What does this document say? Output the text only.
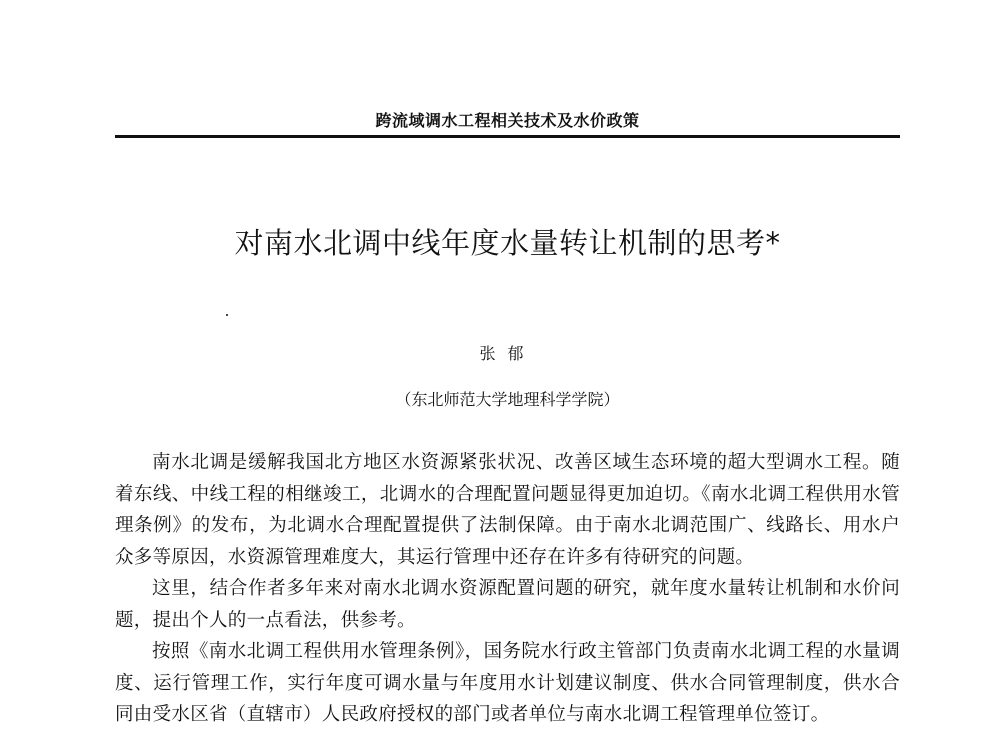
跨流域调水工程相关技术及水价政策
对南水北调中线年度水量转让机制的思考*
张郁
（东北师范大学地理科学学院）

南水北调是缓解我国北方地区水资源紧张状况、改善区域生态环境的超大型调水工程。随着东线、中线工程的相继竣工，北调水的合理配置问题显得更加迫切。《南水北调工程供用水管理条例》的发布，为北调水合理配置提供了法制保障。由于南水北调范围广、线路长、用水户众多等原因，水资源管理难度大，其运行管理中还存在许多有待研究的问题。

这里，结合作者多年来对南水北调水资源配置问题的研究，就年度水量转让机制和水价问题，提出个人的一点看法，供参考。

按照《南水北调工程供用水管理条例》，国务院水行政主管部门负责南水北调工程的水量调度、运行管理工作，实行年度可调水量与年度用水计划建议制度、供水合同管理制度，供水合同由受水区省（直辖市）人民政府授权的部门或者单位与南水北调工程管理单位签订。
